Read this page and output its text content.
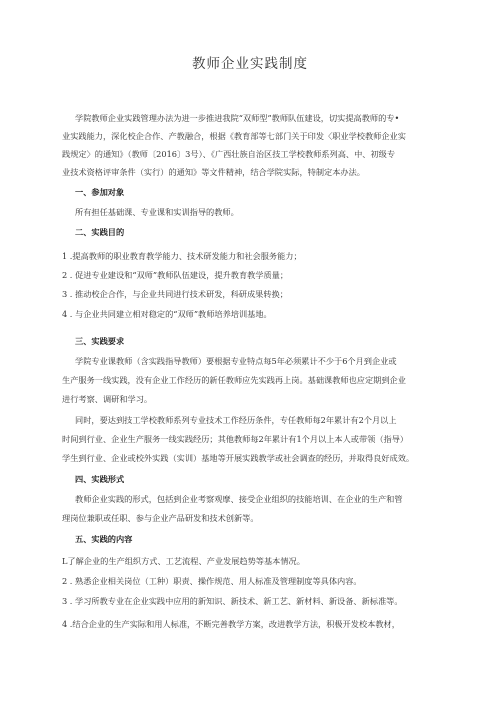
教师企业实践制度
学院教师企业实践管理办法为进一步推进我院“双师型”教师队伍建设，切实提高教师的专•
业实践能力，深化校企合作、产教融合，根据《教育部等七部门关于印发〈职业学校教师企业实
践规定〉的通知》（教师〔2016〕3号）、《广西壮族自治区技工学校教师系列高、中、初级专
业技术资格评审条件（实行）的通知》等文件精神，结合学院实际，特制定本办法。
一、参加对象
所有担任基础课、专业课和实训指导的教师。
二、实践目的
1 .提高教师的职业教育教学能力、技术研发能力和社会服务能力；
2 . 促进专业建设和“双师”教师队伍建设，提升教育教学质量；
3 . 推动校企合作，与企业共同进行技术研发，科研成果转换；
4 . 与企业共同建立相对稳定的“双师”教师培养培训基地。
三、实践要求
学院专业课教师（含实践指导教师）要根据专业特点每5年必须累计不少于6个月到企业或
生产服务一线实践，没有企业工作经历的新任教师应先实践再上岗。基础课教师也应定期到企业
进行考察、调研和学习。
同时，要达到技工学校教师系列专业技术工作经历条件，专任教师每2年累计有2个月以上
时间到行业、企业生产服务一线实践经历；其他教师每2年累计有1个月以上本人或带领（指导）
学生到行业、企业或校外实践（实训）基地等开展实践教学或社会调查的经历，并取得良好成效。
四、实践形式
教师企业实践的形式，包括到企业考察观摩、接受企业组织的技能培训、在企业的生产和管
理岗位兼职或任职、参与企业产品研发和技术创新等。
五、实践的内容
L了解企业的生产组织方式、工艺流程、产业发展趋势等基本情况。
2 . 熟悉企业相关岗位（工种）职责、操作规范、用人标准及管理制度等具体内容。
3 . 学习所教专业在企业实践中应用的新知识、新技术、新工艺、新材料、新设备、新标准等。
4 .结合企业的生产实际和用人标准，不断完善教学方案，改进教学方法，积极开发校本教材，
